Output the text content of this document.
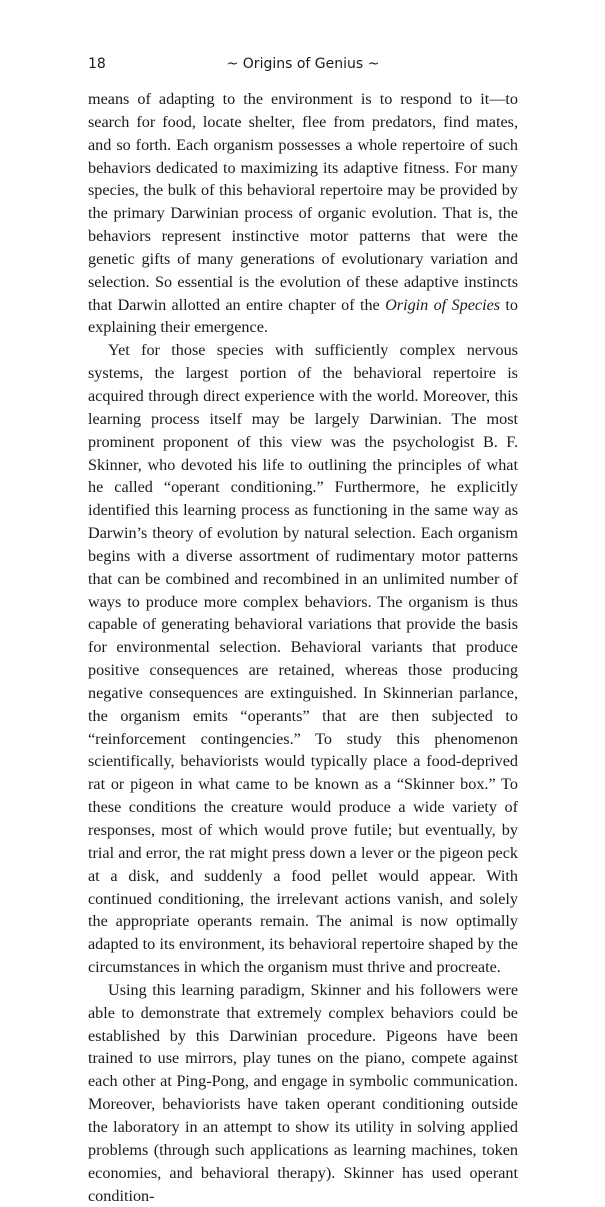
18	~ Origins of Genius ~

means of adapting to the environment is to respond to it—to search for food, locate shelter, flee from predators, find mates, and so forth. Each organism possesses a whole repertoire of such behaviors dedicated to maximizing its adaptive fitness. For many species, the bulk of this behavioral repertoire may be provided by the primary Darwinian process of organic evolution. That is, the behaviors represent instinctive motor patterns that were the genetic gifts of many generations of evolutionary variation and selection. So essential is the evolution of these adaptive instincts that Darwin allotted an entire chapter of the Origin of Species to explaining their emergence.

Yet for those species with sufficiently complex nervous systems, the largest portion of the behavioral repertoire is acquired through direct experience with the world. Moreover, this learning process itself may be largely Darwinian. The most prominent proponent of this view was the psychologist B. F. Skinner, who devoted his life to outlining the principles of what he called “operant conditioning.” Furthermore, he explicitly identified this learning process as functioning in the same way as Darwin’s theory of evolution by natural selection. Each organism begins with a diverse assortment of rudimentary motor patterns that can be combined and recombined in an unlimited number of ways to produce more complex behaviors. The organism is thus capable of generating behavioral variations that provide the basis for environmental selection. Behavioral variants that produce positive consequences are retained, whereas those producing negative consequences are extinguished. In Skinnerian parlance, the organism emits “operants” that are then subjected to “reinforcement contingencies.” To study this phenomenon scientifically, behaviorists would typically place a food-deprived rat or pigeon in what came to be known as a “Skinner box.” To these conditions the creature would produce a wide variety of responses, most of which would prove futile; but eventually, by trial and error, the rat might press down a lever or the pigeon peck at a disk, and suddenly a food pellet would appear. With continued conditioning, the irrelevant actions vanish, and solely the appropriate operants remain. The animal is now optimally adapted to its environment, its behavioral repertoire shaped by the circumstances in which the organism must thrive and procreate.

Using this learning paradigm, Skinner and his followers were able to demonstrate that extremely complex behaviors could be established by this Darwinian procedure. Pigeons have been trained to use mirrors, play tunes on the piano, compete against each other at Ping-Pong, and engage in symbolic communication. Moreover, behaviorists have taken operant conditioning outside the laboratory in an attempt to show its utility in solving applied problems (through such applications as learning machines, token economies, and behavioral therapy). Skinner has used operant condition-
